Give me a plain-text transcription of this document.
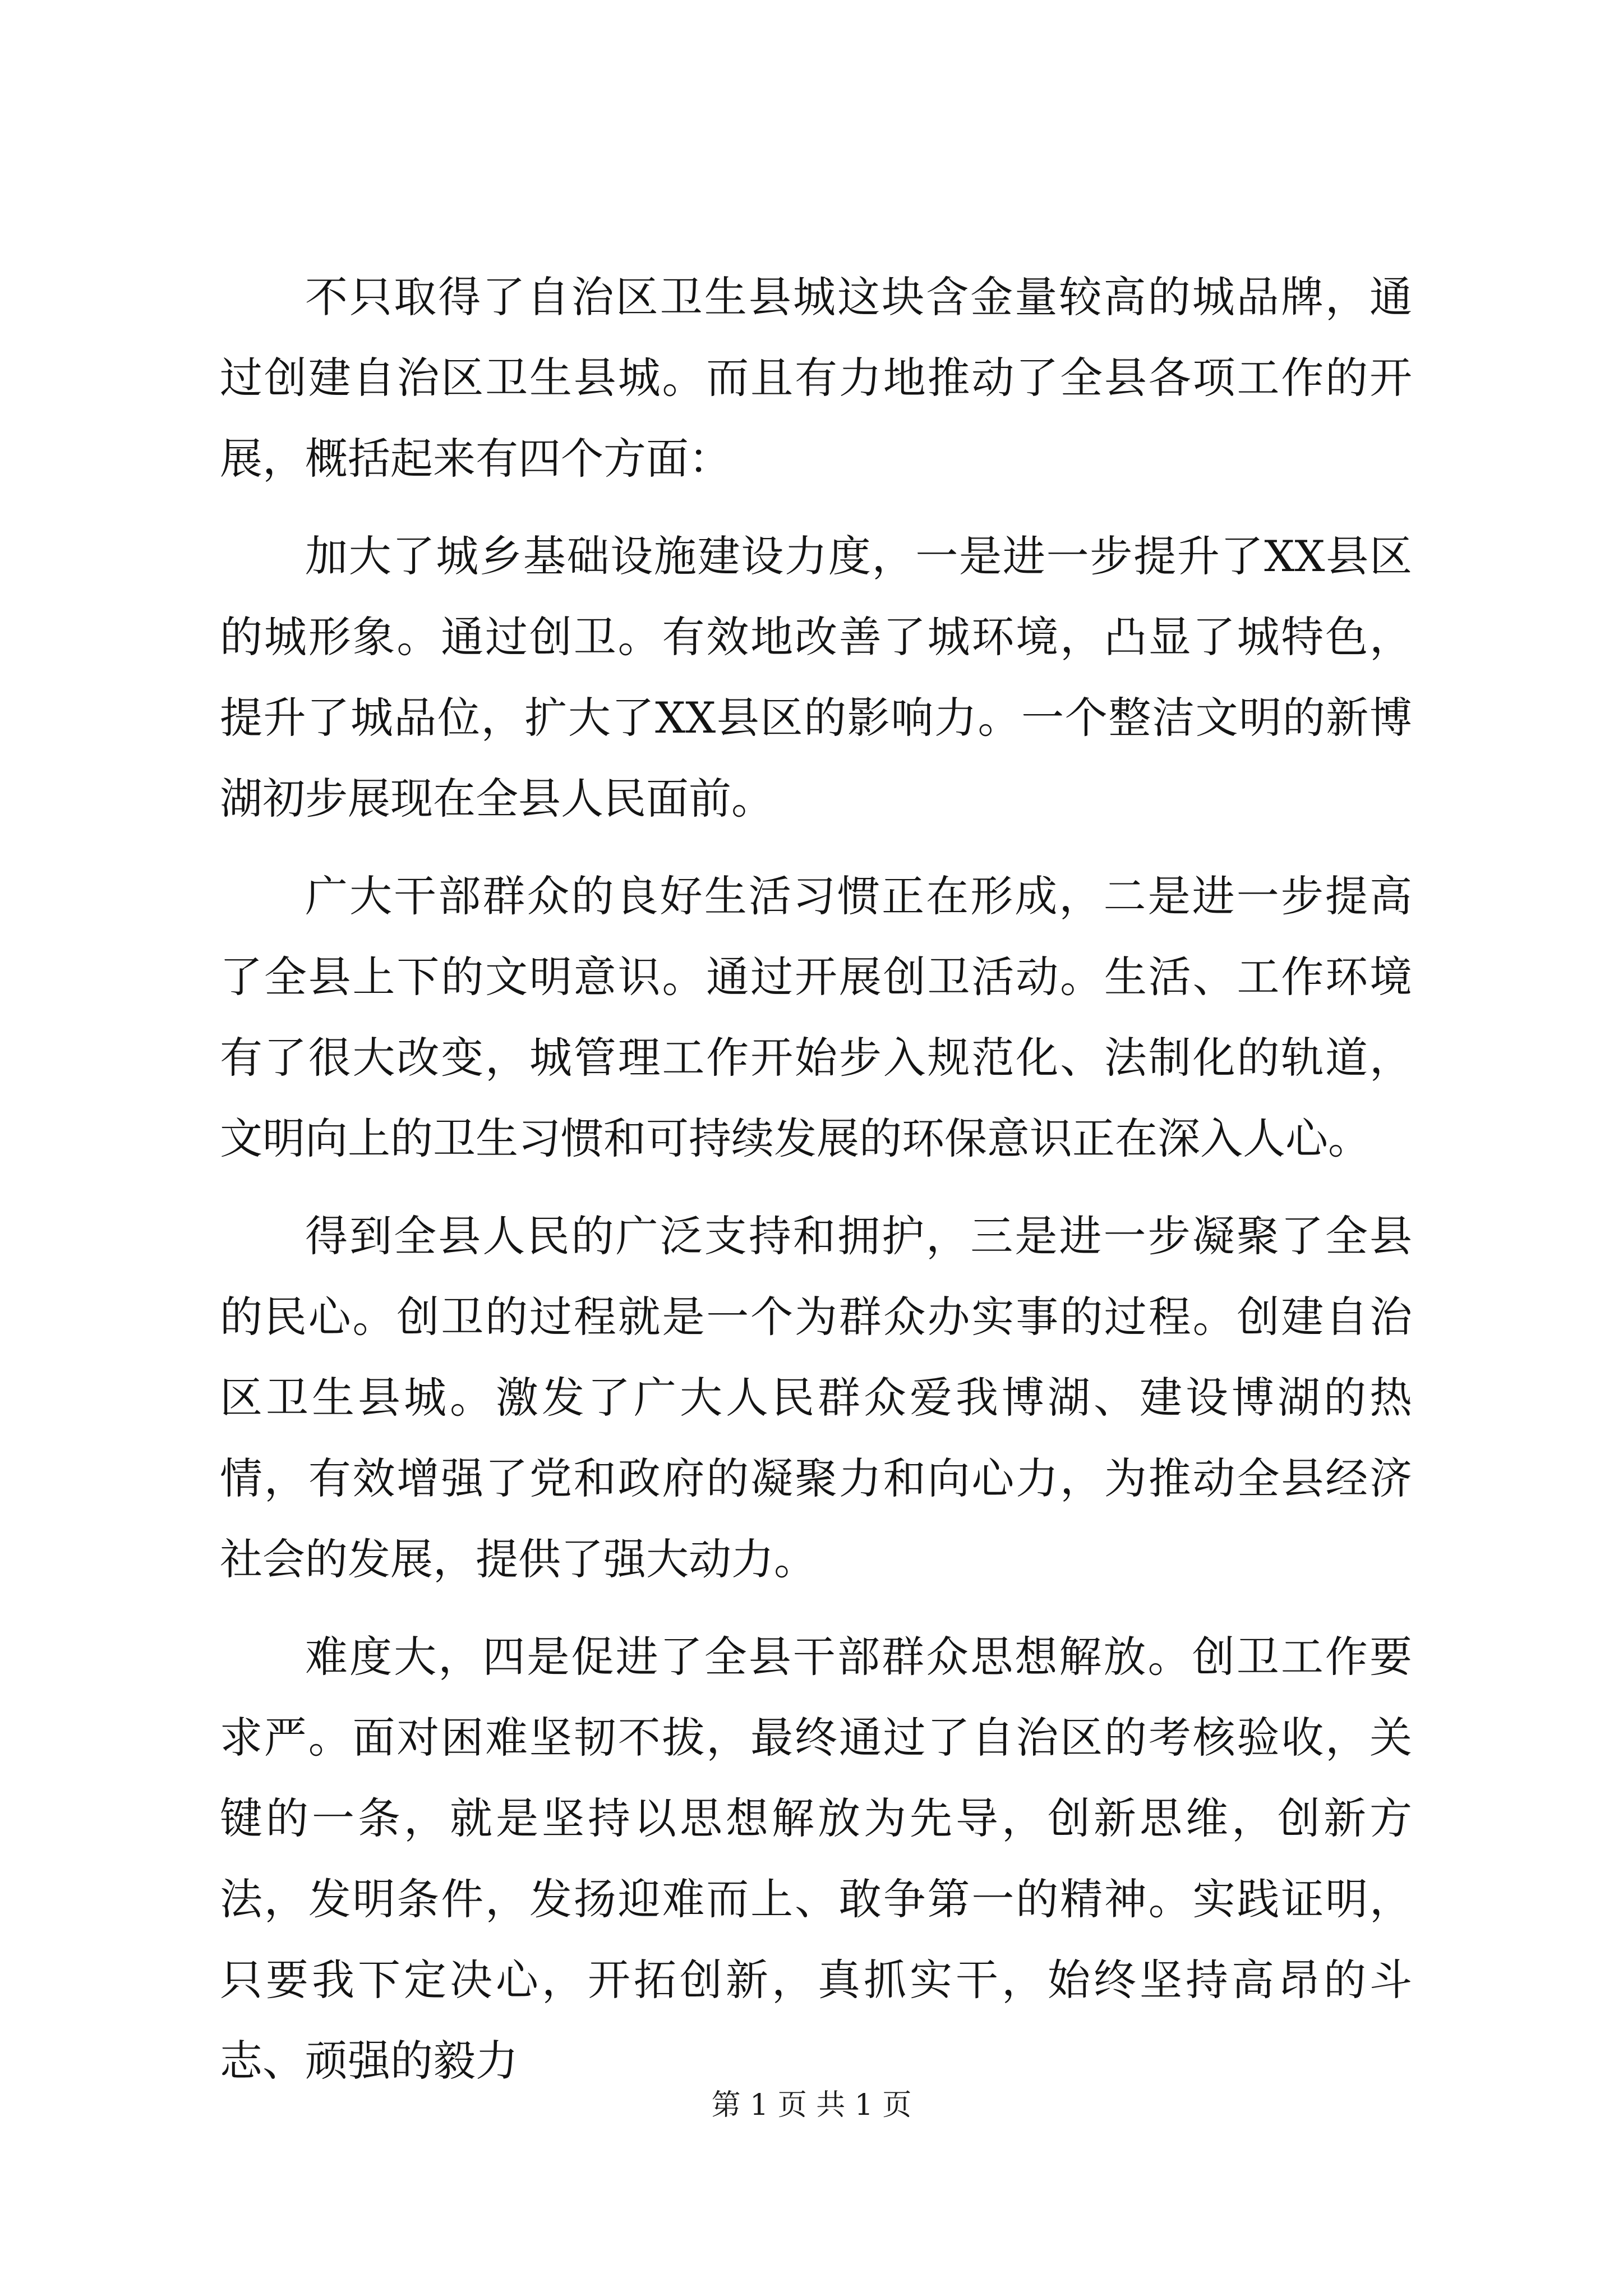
不只取得了自治区卫生县城这块含金量较高的城品牌，通过创建自治区卫生县城。而且有力地推动了全县各项工作的开展，概括起来有四个方面：

加大了城乡基础设施建设力度，一是进一步提升了XX县区的城形象。通过创卫。有效地改善了城环境，凸显了城特色，提升了城品位，扩大了XX县区的影响力。一个整洁文明的新博湖初步展现在全县人民面前。

广大干部群众的良好生活习惯正在形成，二是进一步提高了全县上下的文明意识。通过开展创卫活动。生活、工作环境有了很大改变，城管理工作开始步入规范化、法制化的轨道，文明向上的卫生习惯和可持续发展的环保意识正在深入人心。

得到全县人民的广泛支持和拥护，三是进一步凝聚了全县的民心。创卫的过程就是一个为群众办实事的过程。创建自治区卫生县城。激发了广大人民群众爱我博湖、建设博湖的热情，有效增强了党和政府的凝聚力和向心力，为推动全县经济社会的发展，提供了强大动力。

难度大，四是促进了全县干部群众思想解放。创卫工作要求严。面对困难坚韧不拔，最终通过了自治区的考核验收，关键的一条，就是坚持以思想解放为先导，创新思维，创新方法，发明条件，发扬迎难而上、敢争第一的精神。实践证明，只要我下定决心，开拓创新，真抓实干，始终坚持高昂的斗志、顽强的毅力

第 1 页 共 1 页
